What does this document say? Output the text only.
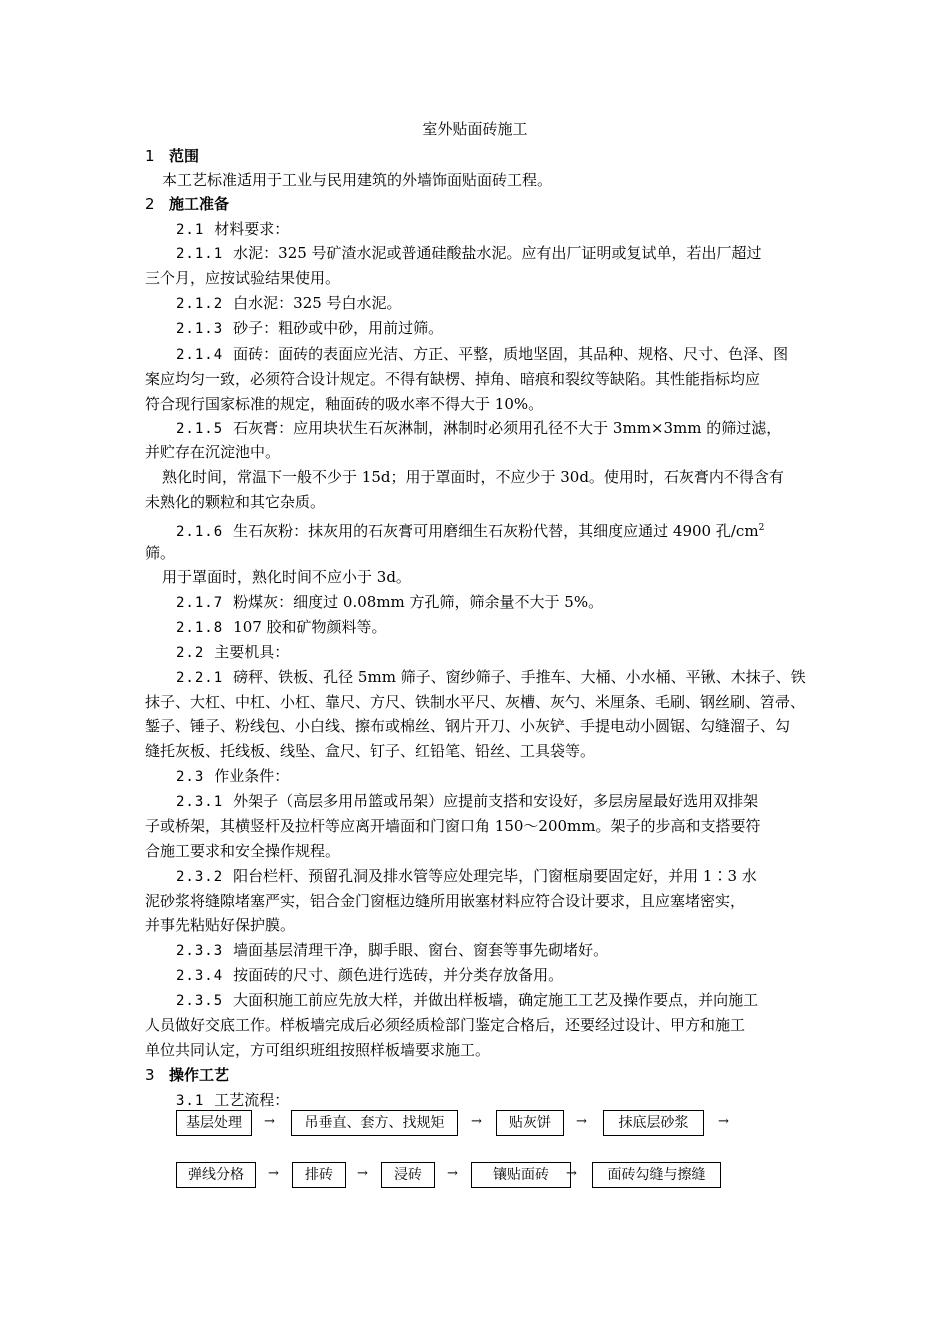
室外贴面砖施工
1 范围
本工艺标准适用于工业与民用建筑的外墙饰面贴面砖工程。
2 施工准备
2.1 材料要求：
2.1.1 水泥：325 号矿渣水泥或普通硅酸盐水泥。应有出厂证明或复试单，若出厂超过
三个月，应按试验结果使用。
2.1.2 白水泥：325 号白水泥。
2.1.3 砂子：粗砂或中砂，用前过筛。
2.1.4 面砖：面砖的表面应光洁、方正、平整，质地坚固，其品种、规格、尺寸、色泽、图
案应均匀一致，必须符合设计规定。不得有缺楞、掉角、暗痕和裂纹等缺陷。其性能指标均应
符合现行国家标准的规定，釉面砖的吸水率不得大于 10%。
2.1.5 石灰膏：应用块状生石灰淋制，淋制时必须用孔径不大于 3mm×3mm 的筛过滤，
并贮存在沉淀池中。
熟化时间，常温下一般不少于 15d；用于罩面时，不应少于 30d。使用时，石灰膏内不得含有
未熟化的颗粒和其它杂质。
2.1.6 生石灰粉：抹灰用的石灰膏可用磨细生石灰粉代替，其细度应通过 4900 孔$/cm^2$
筛。
用于罩面时，熟化时间不应小于 3d。
2.1.7 粉煤灰：细度过 0.08mm 方孔筛，筛余量不大于 5%。
2.1.8 107 胶和矿物颜料等。
2.2 主要机具：
2.2.1 磅秤、铁板、孔径 5mm 筛子、窗纱筛子、手推车、大桶、小水桶、平锹、木抹子、铁
抹子、大杠、中杠、小杠、靠尺、方尺、铁制水平尺、灰槽、灰勺、米厘条、毛刷、钢丝刷、笤帚、
錾子、锤子、粉线包、小白线、擦布或棉丝、钢片开刀、小灰铲、手提电动小圆锯、勾缝溜子、勾
缝托灰板、托线板、线坠、盒尺、钉子、红铅笔、铅丝、工具袋等。
2.3 作业条件：
2.3.1 外架子（高层多用吊篮或吊架）应提前支搭和安设好，多层房屋最好选用双排架
子或桥架，其横竖杆及拉杆等应离开墙面和门窗口角 150～200mm。架子的步高和支搭要符
合施工要求和安全操作规程。
2.3.2 阳台栏杆、预留孔洞及排水管等应处理完毕，门窗框扇要固定好，并用 1∶3 水
泥砂浆将缝隙堵塞严实，铝合金门窗框边缝所用嵌塞材料应符合设计要求，且应塞堵密实，
并事先粘贴好保护膜。
2.3.3 墙面基层清理干净，脚手眼、窗台、窗套等事先砌堵好。
2.3.4 按面砖的尺寸、颜色进行选砖，并分类存放备用。
2.3.5 大面积施工前应先放大样，并做出样板墙，确定施工工艺及操作要点，并向施工
人员做好交底工作。样板墙完成后必须经质检部门鉴定合格后，还要经过设计、甲方和施工
单位共同认定，方可组织班组按照样板墙要求施工。
3 操作工艺
3.1 工艺流程：
基层处理	→	吊垂直、套方、找规矩	→	贴灰饼	→	抹底层砂浆	→
弹线分格	→	排砖	→	浸砖	→	镶贴面砖	→	面砖勾缝与擦缝
